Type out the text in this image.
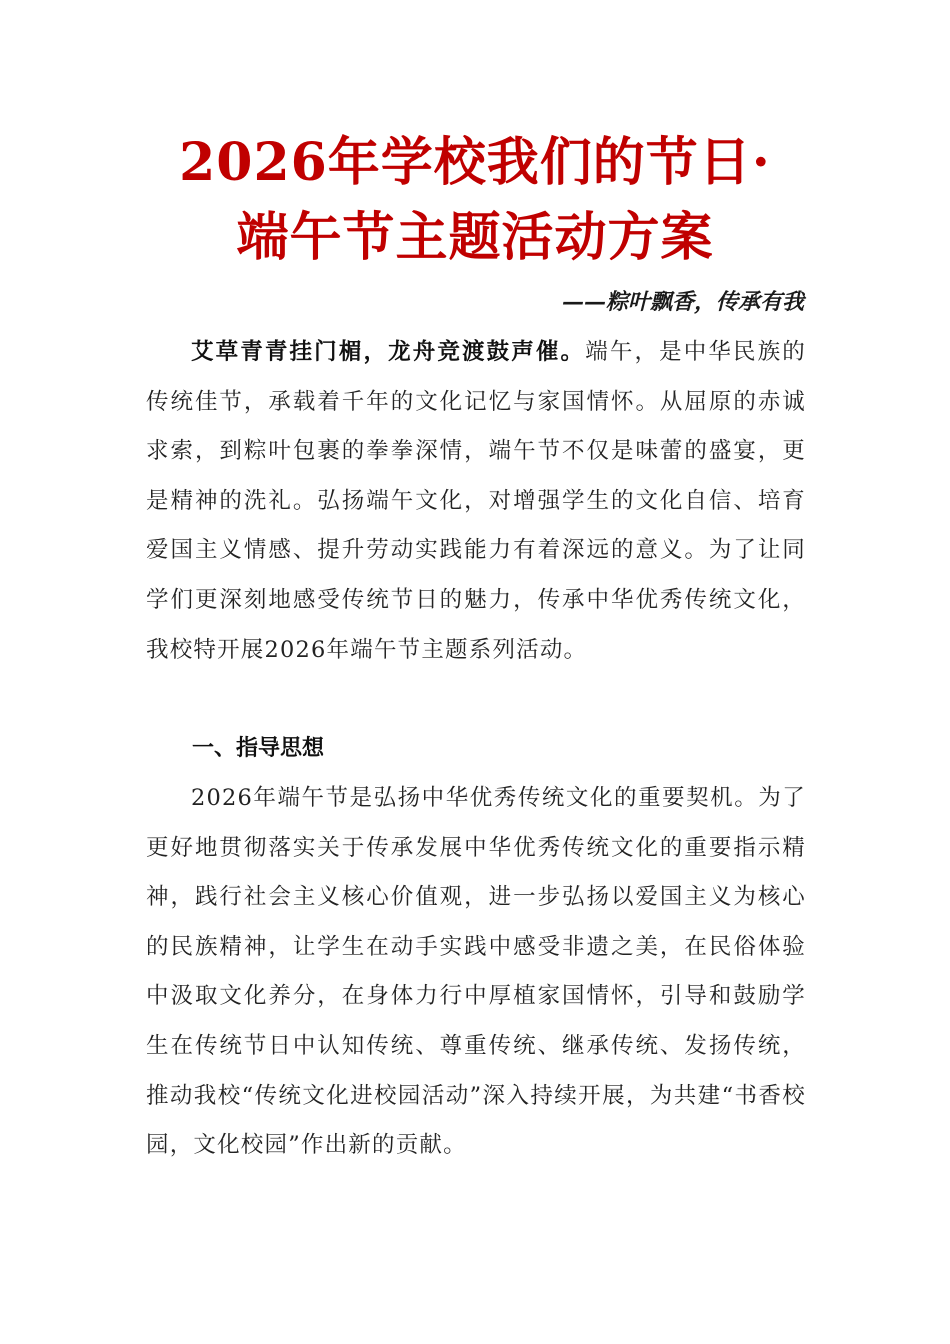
2026年学校我们的节日·
端午节主题活动方案
——粽叶飘香，传承有我

艾草青青挂门楣，龙舟竞渡鼓声催。端午，是中华民族的传统佳节，承载着千年的文化记忆与家国情怀。从屈原的赤诚求索，到粽叶包裹的拳拳深情，端午节不仅是味蕾的盛宴，更是精神的洗礼。弘扬端午文化，对增强学生的文化自信、培育爱国主义情感、提升劳动实践能力有着深远的意义。为了让同学们更深刻地感受传统节日的魅力，传承中华优秀传统文化，我校特开展2026年端午节主题系列活动。

一、指导思想

2026年端午节是弘扬中华优秀传统文化的重要契机。为了更好地贯彻落实关于传承发展中华优秀传统文化的重要指示精神，践行社会主义核心价值观，进一步弘扬以爱国主义为核心的民族精神，让学生在动手实践中感受非遗之美，在民俗体验中汲取文化养分，在身体力行中厚植家国情怀，引导和鼓励学生在传统节日中认知传统、尊重传统、继承传统、发扬传统，推动我校“传统文化进校园活动”深入持续开展，为共建“书香校园，文化校园”作出新的贡献。
